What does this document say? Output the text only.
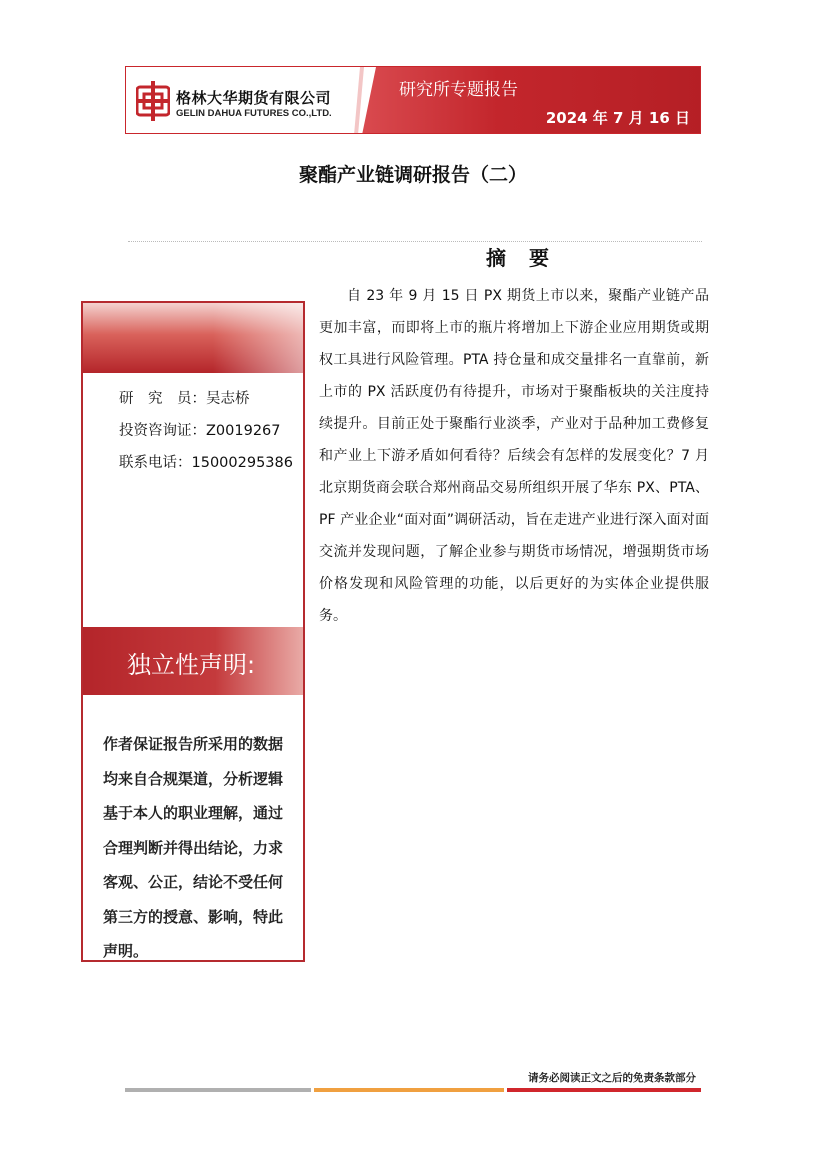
格林大华期货有限公司
GELIN DAHUA FUTURES CO.,LTD.
研究所专题报告
2024 年 7 月 16 日
聚酯产业链调研报告（二）
摘 要
自 23 年 9 月 15 日 PX 期货上市以来，聚酯产业链产品更加丰富，而即将上市的瓶片将增加上下游企业应用期货或期权工具进行风险管理。PTA 持仓量和成交量排名一直靠前，新上市的 PX 活跃度仍有待提升，市场对于聚酯板块的关注度持续提升。目前正处于聚酯行业淡季，产业对于品种加工费修复和产业上下游矛盾如何看待？后续会有怎样的发展变化？7 月北京期货商会联合郑州商品交易所组织开展了华东 PX、PTA、PF 产业企业“面对面”调研活动，旨在走进产业进行深入面对面交流并发现问题，了解企业参与期货市场情况，增强期货市场价格发现和风险管理的功能，以后更好的为实体企业提供服务。
研　究　员：吴志桥
投资咨询证：Z0019267
联系电话：15000295386
独立性声明:
作者保证报告所采用的数据均来自合规渠道，分析逻辑基于本人的职业理解，通过合理判断并得出结论，力求客观、公正，结论不受任何第三方的授意、影响，特此声明。
请务必阅读正文之后的免责条款部分
